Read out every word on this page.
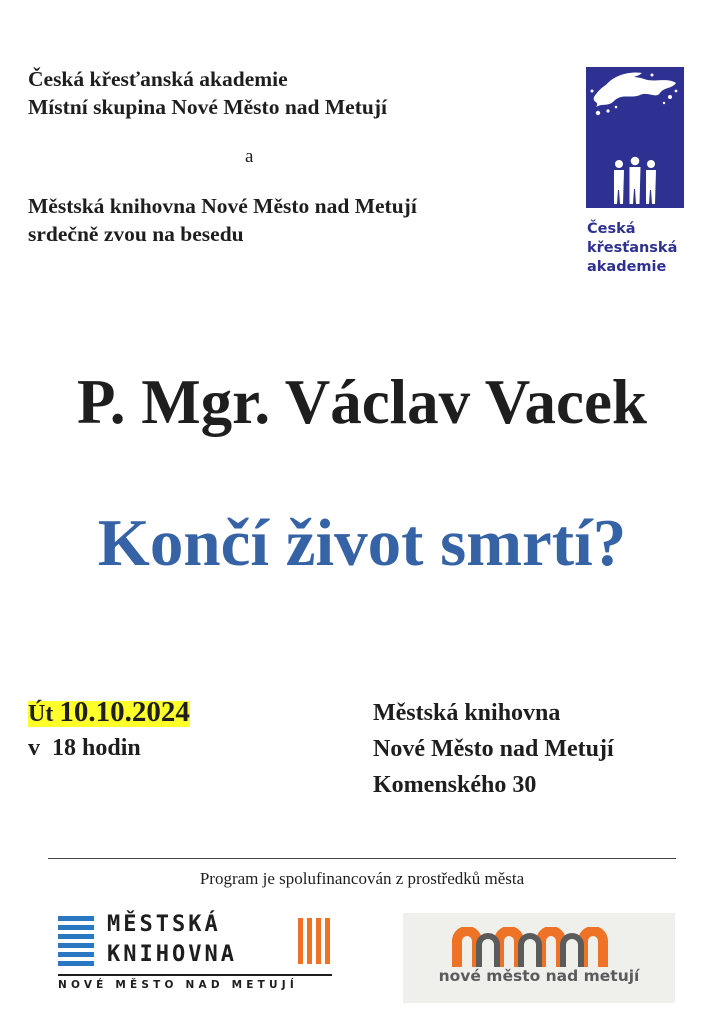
Česká křesťanská akademie
Místní skupina Nové Město nad Metují
a
Městská knihovna Nové Město nad Metují
srdečně zvou na besedu	Česká
křesťanská
akademie
P. Mgr. Václav Vacek
Končí život smrtí?
Út 10.10.2024
v  18 hodin
Městská knihovna
Nové Město nad Metují
Komenského 30
Program je spolufinancován z prostředků města
MĚSTSKÁ
KNIHOVNA
NOVÉ MĚSTO NAD METUJÍ	nové město nad metují
